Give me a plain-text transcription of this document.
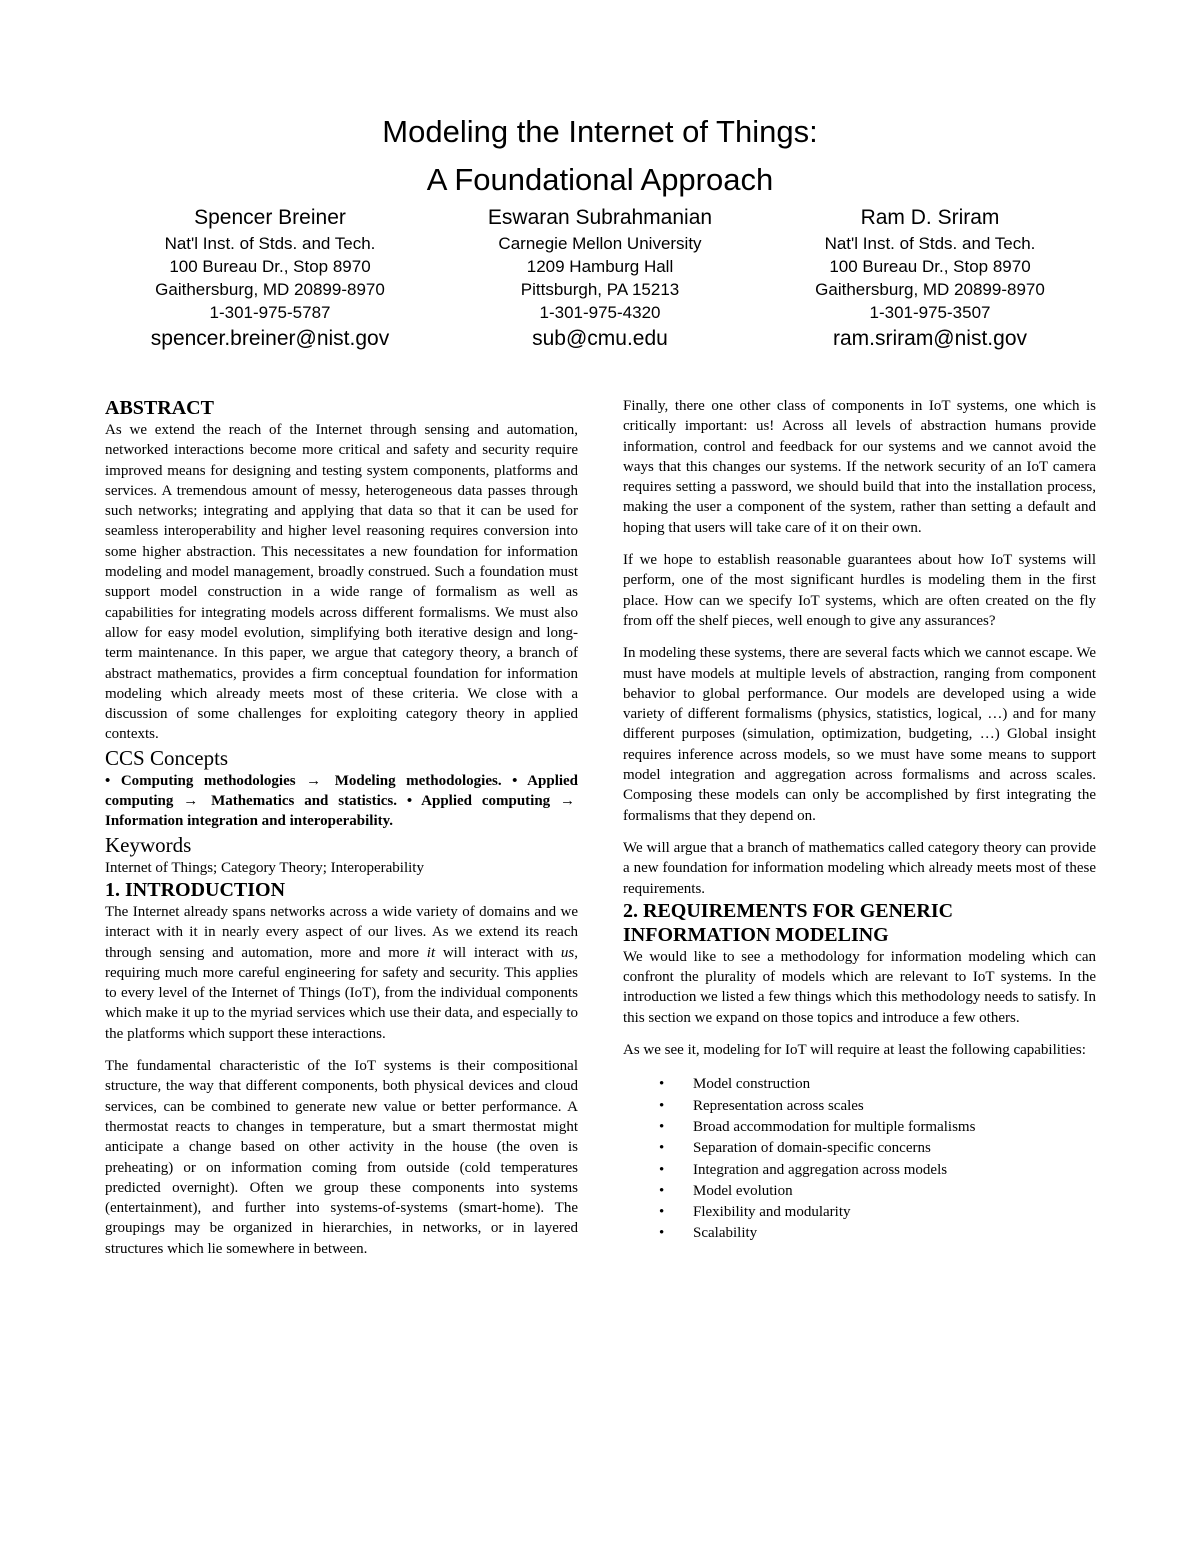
Modeling the Internet of Things:
A Foundational Approach
Spencer Breiner
Nat'l Inst. of Stds. and Tech.
100 Bureau Dr., Stop 8970
Gaithersburg, MD 20899-8970
1-301-975-5787
spencer.breiner@nist.gov
Eswaran Subrahmanian
Carnegie Mellon University
1209 Hamburg Hall
Pittsburgh, PA 15213
1-301-975-4320
sub@cmu.edu
Ram D. Sriram
Nat'l Inst. of Stds. and Tech.
100 Bureau Dr., Stop 8970
Gaithersburg, MD 20899-8970
1-301-975-3507
ram.sriram@nist.gov
ABSTRACT

As we extend the reach of the Internet through sensing and automation, networked interactions become more critical and safety and security require improved means for designing and testing system components, platforms and services. A tremendous amount of messy, heterogeneous data passes through such networks; integrating and applying that data so that it can be used for seamless interoperability and higher level reasoning requires conversion into some higher abstraction. This necessitates a new foundation for information modeling and model management, broadly construed. Such a foundation must support model construction in a wide range of formalism as well as capabilities for integrating models across different formalisms. We must also allow for easy model evolution, simplifying both iterative design and long-term maintenance. In this paper, we argue that category theory, a branch of abstract mathematics, provides a firm conceptual foundation for information modeling which already meets most of these criteria. We close with a discussion of some challenges for exploiting category theory in applied contexts.

CCS Concepts

• Computing methodologies → Modeling methodologies. • Applied computing → Mathematics and statistics. • Applied computing → Information integration and interoperability.

Keywords

Internet of Things; Category Theory; Interoperability

1. INTRODUCTION

The Internet already spans networks across a wide variety of domains and we interact with it in nearly every aspect of our lives. As we extend its reach through sensing and automation, more and more it will interact with us, requiring much more careful engineering for safety and security. This applies to every level of the Internet of Things (IoT), from the individual components which make it up to the myriad services which use their data, and especially to the platforms which support these interactions.

The fundamental characteristic of the IoT systems is their compositional structure, the way that different components, both physical devices and cloud services, can be combined to generate new value or better performance. A thermostat reacts to changes in temperature, but a smart thermostat might anticipate a change based on other activity in the house (the oven is preheating) or on information coming from outside (cold temperatures predicted overnight). Often we group these components into systems (entertainment), and further into systems-of-systems (smart-home). The groupings may be organized in hierarchies, in networks, or in layered structures which lie somewhere in between.

Finally, there one other class of components in IoT systems, one which is critically important: us! Across all levels of abstraction humans provide information, control and feedback for our systems and we cannot avoid the ways that this changes our systems. If the network security of an IoT camera requires setting a password, we should build that into the installation process, making the user a component of the system, rather than setting a default and hoping that users will take care of it on their own.

If we hope to establish reasonable guarantees about how IoT systems will perform, one of the most significant hurdles is modeling them in the first place. How can we specify IoT systems, which are often created on the fly from off the shelf pieces, well enough to give any assurances?

In modeling these systems, there are several facts which we cannot escape. We must have models at multiple levels of abstraction, ranging from component behavior to global performance. Our models are developed using a wide variety of different formalisms (physics, statistics, logical, …) and for many different purposes (simulation, optimization, budgeting, …) Global insight requires inference across models, so we must have some means to support model integration and aggregation across formalisms and across scales. Composing these models can only be accomplished by first integrating the formalisms that they depend on.

We will argue that a branch of mathematics called category theory can provide a new foundation for information modeling which already meets most of these requirements.

2. REQUIREMENTS FOR GENERIC
INFORMATION MODELING

We would like to see a methodology for information modeling which can confront the plurality of models which are relevant to IoT systems. In the introduction we listed a few things which this methodology needs to satisfy. In this section we expand on those topics and introduce a few others.

As we see it, modeling for IoT will require at least the following capabilities:

• Model construction
• Representation across scales
• Broad accommodation for multiple formalisms
• Separation of domain-specific concerns
• Integration and aggregation across models
• Model evolution
• Flexibility and modularity
• Scalability
